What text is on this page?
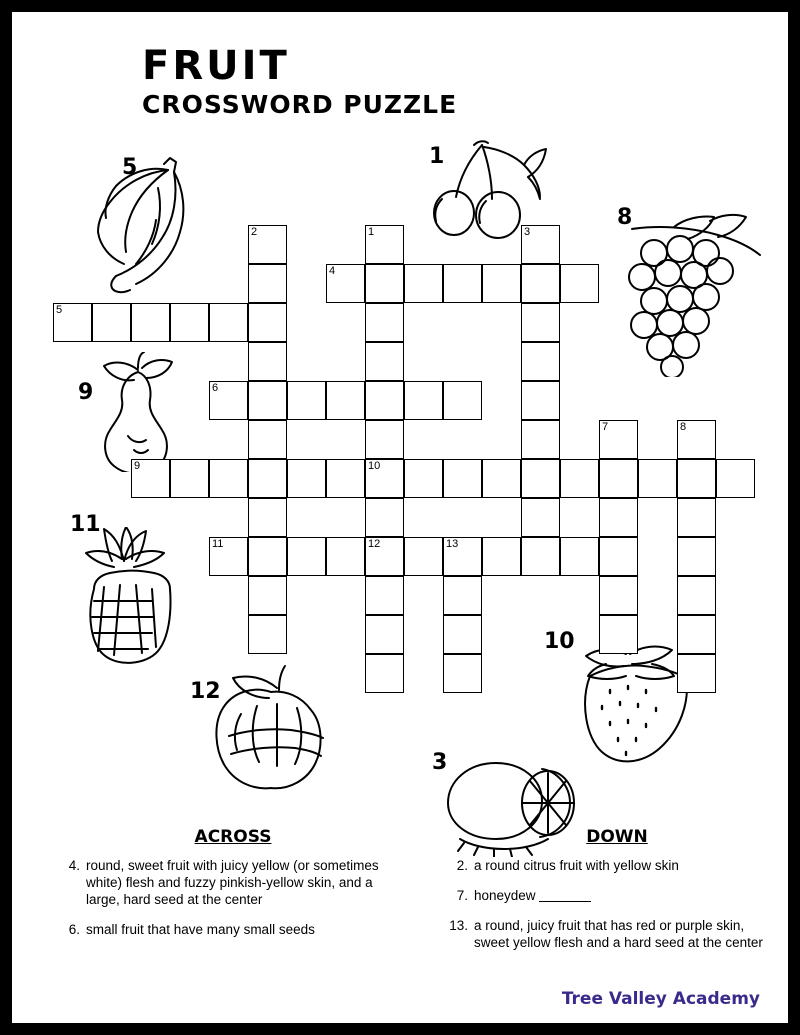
FRUIT
CROSSWORD PUZZLE
5	1
8
9
11
10
12
3
2	1	3
4
5
6
7	8
9	10
11	12	13
ACROSS
4. round, sweet fruit with juicy yellow (or sometimes white) flesh and fuzzy pinkish-yellow skin, and a large, hard seed at the center
6. small fruit that have many small seeds
DOWN
2. a round citrus fruit with yellow skin
7. honeydew
13. a round, juicy fruit that has red or purple skin, sweet yellow flesh and a hard seed at the center
Tree Valley Academy
